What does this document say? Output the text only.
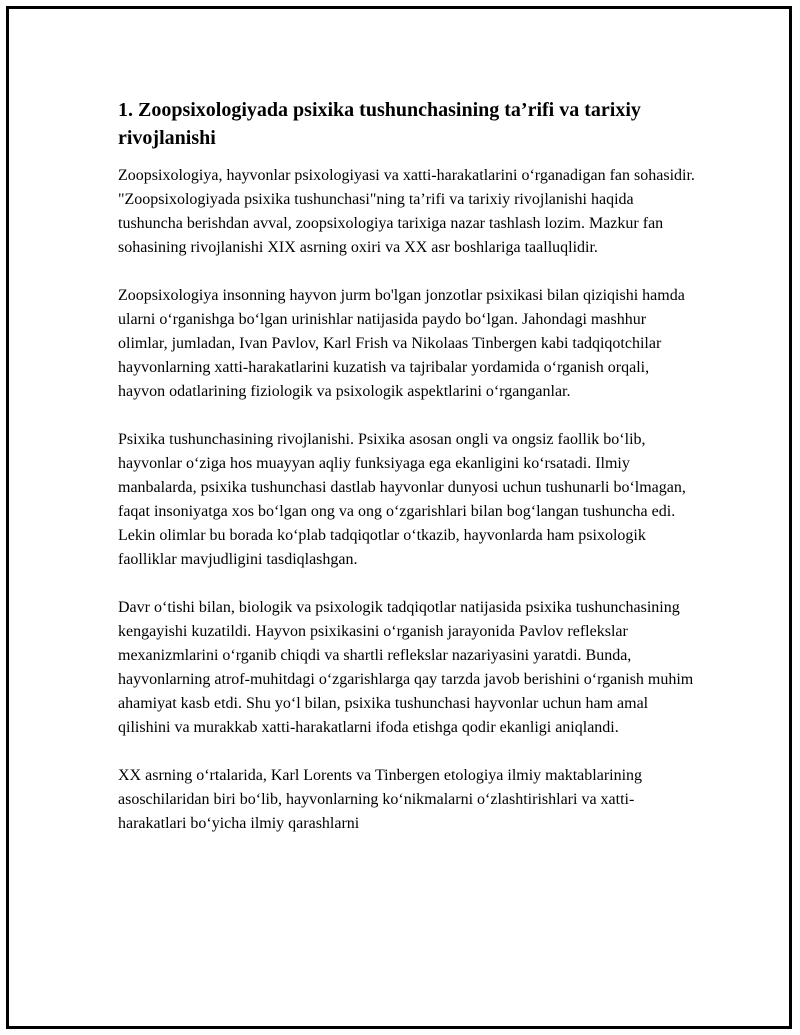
1. Zoopsixologiyada psixika tushunchasining ta’rifi va tarixiy rivojlanishi

Zoopsixologiya, hayvonlar psixologiyasi va xatti-harakatlarini o‘rganadigan fan sohasidir. "Zoopsixologiyada psixika tushunchasi"ning ta’rifi va tarixiy rivojlanishi haqida tushuncha berishdan avval, zoopsixologiya tarixiga nazar tashlash lozim. Mazkur fan sohasining rivojlanishi XIX asrning oxiri va XX asr boshlariga taalluqlidir.

Zoopsixologiya insonning hayvon jurm bo'lgan jonzotlar psixikasi bilan qiziqishi hamda ularni o‘rganishga bo‘lgan urinishlar natijasida paydo bo‘lgan. Jahondagi mashhur olimlar, jumladan, Ivan Pavlov, Karl Frish va Nikolaas Tinbergen kabi tadqiqotchilar hayvonlarning xatti-harakatlarini kuzatish va tajribalar yordamida o‘rganish orqali, hayvon odatlarining fiziologik va psixologik aspektlarini o‘rganganlar.

Psixika tushunchasining rivojlanishi. Psixika asosan ongli va ongsiz faollik bo‘lib, hayvonlar o‘ziga hos muayyan aqliy funksiyaga ega ekanligini ko‘rsatadi. Ilmiy manbalarda, psixika tushunchasi dastlab hayvonlar dunyosi uchun tushunarli bo‘lmagan, faqat insoniyatga xos bo‘lgan ong va ong o‘zgarishlari bilan bog‘langan tushuncha edi. Lekin olimlar bu borada ko‘plab tadqiqotlar o‘tkazib, hayvonlarda ham psixologik faolliklar mavjudligini tasdiqlashgan.

Davr o‘tishi bilan, biologik va psixologik tadqiqotlar natijasida psixika tushunchasining kengayishi kuzatildi. Hayvon psixikasini o‘rganish jarayonida Pavlov reflekslar mexanizmlarini o‘rganib chiqdi va shartli reflekslar nazariyasini yaratdi. Bunda, hayvonlarning atrof-muhitdagi o‘zgarishlarga qay tarzda javob berishini o‘rganish muhim ahamiyat kasb etdi. Shu yo‘l bilan, psixika tushunchasi hayvonlar uchun ham amal qilishini va murakkab xatti-harakatlarni ifoda etishga qodir ekanligi aniqlandi.

XX asrning o‘rtalarida, Karl Lorents va Tinbergen etologiya ilmiy maktablarining asoschilaridan biri bo‘lib, hayvonlarning ko‘nikmalarni o‘zlashtirishlari va xatti-harakatlari bo‘yicha ilmiy qarashlarni
